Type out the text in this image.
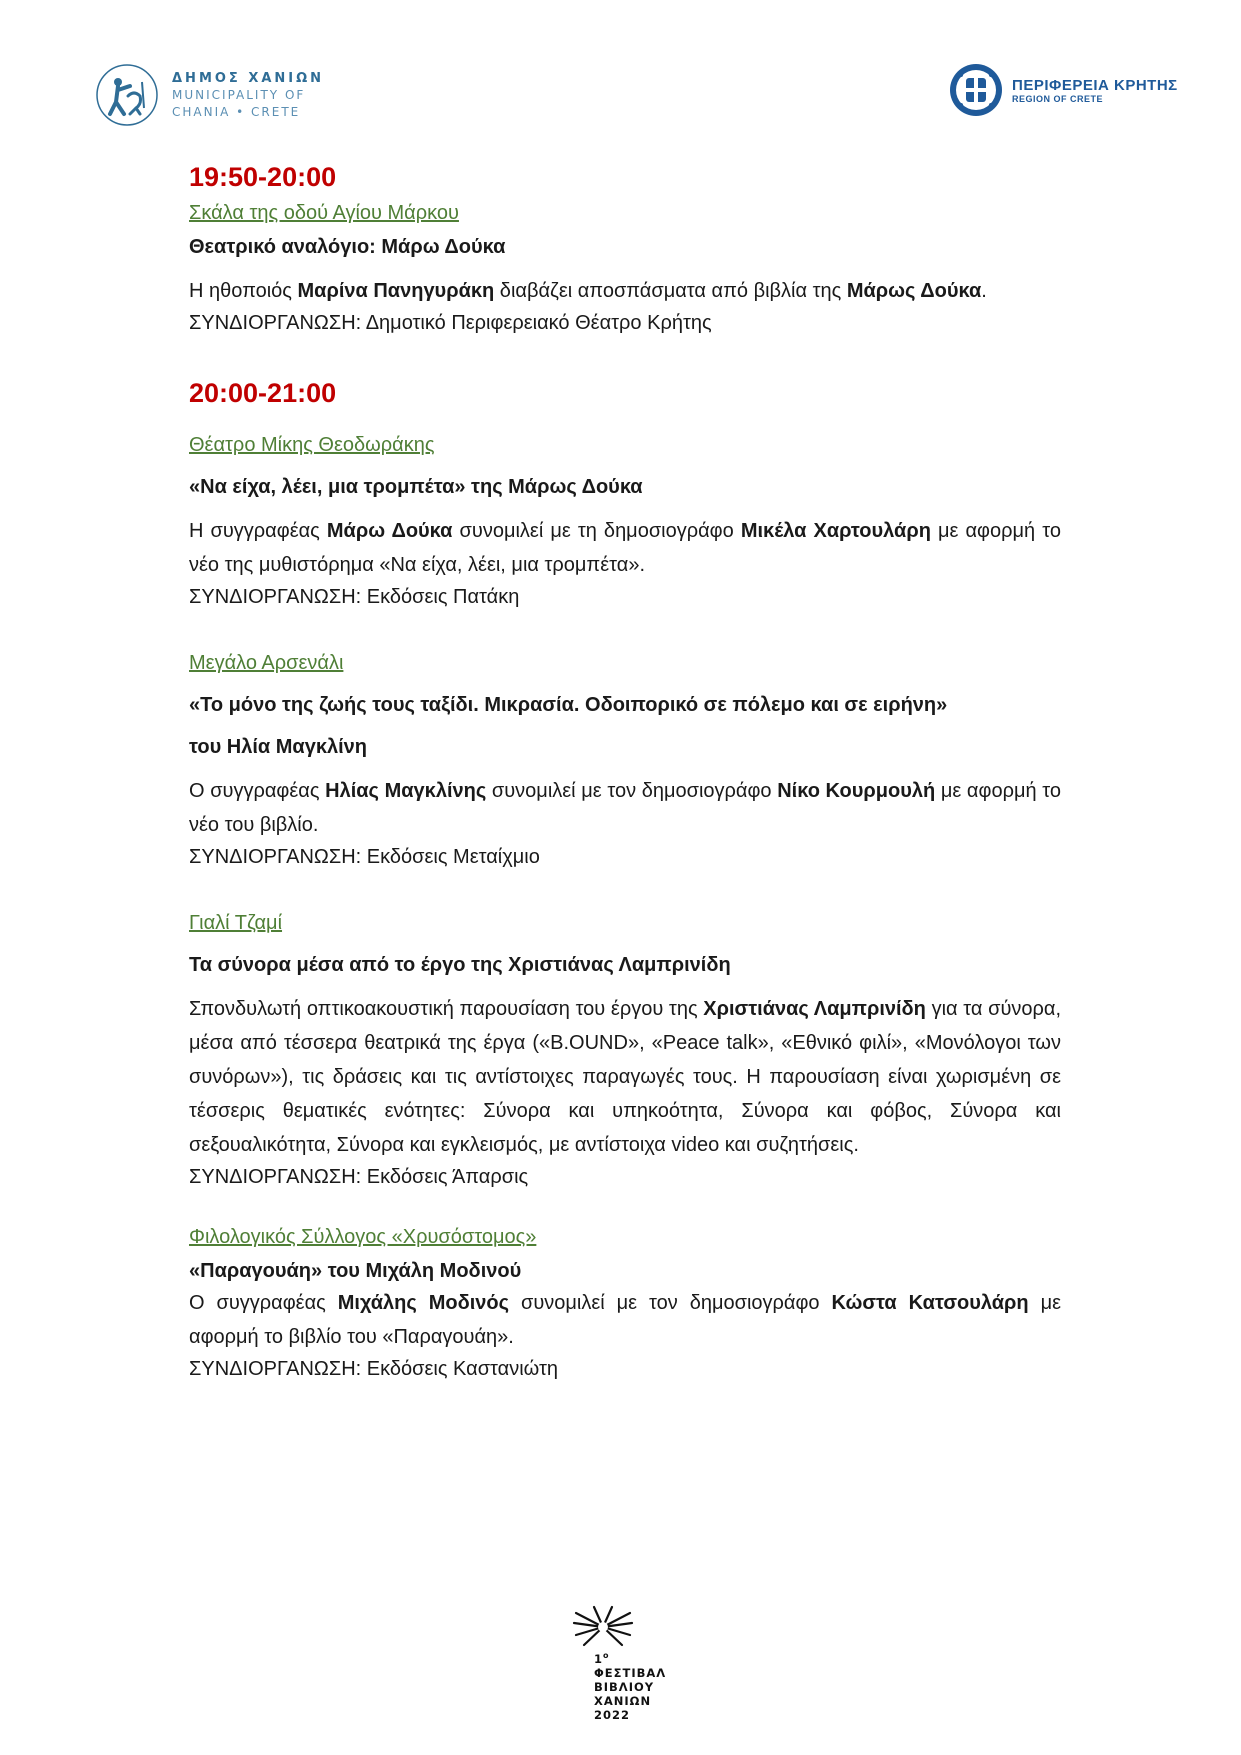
ΔΗΜΟΣ ΧΑΝΙΩΝ
MUNICIPALITY OF
CHANIA • CRETE
ΠΕΡΙΦΕΡΕΙΑ ΚΡΗΤΗΣ
REGION OF CRETE
19:50-20:00
Σκάλα της οδού Αγίου Μάρκου
Θεατρικό αναλόγιο: Μάρω Δούκα
Η ηθοποιός Μαρίνα Πανηγυράκη διαβάζει αποσπάσματα από βιβλία της Μάρως Δούκα.
ΣΥΝΔΙΟΡΓΑΝΩΣΗ: Δημοτικό Περιφερειακό Θέατρο Κρήτης
20:00-21:00
Θέατρο Μίκης Θεοδωράκης
«Να είχα, λέει, μια τρομπέτα» της Μάρως Δούκα
Η συγγραφέας Μάρω Δούκα συνομιλεί με τη δημοσιογράφο Μικέλα Χαρτουλάρη με αφορμή το νέο της μυθιστόρημα «Να είχα, λέει, μια τρομπέτα».
ΣΥΝΔΙΟΡΓΑΝΩΣΗ: Εκδόσεις Πατάκη
Μεγάλο Αρσενάλι
«Το μόνο της ζωής τους ταξίδι. Μικρασία. Οδοιπορικό σε πόλεμο και σε ειρήνη»
του Ηλία Μαγκλίνη
Ο συγγραφέας Ηλίας Μαγκλίνης συνομιλεί με τον δημοσιογράφο Νίκο Κουρμουλή με αφορμή το νέο του βιβλίο.
ΣΥΝΔΙΟΡΓΑΝΩΣΗ: Εκδόσεις Μεταίχμιο
Γιαλί Τζαμί
Τα σύνορα μέσα από το έργο της Χριστιάνας Λαμπρινίδη
Σπονδυλωτή οπτικοακουστική παρουσίαση του έργου της Χριστιάνας Λαμπρινίδη για τα σύνορα, μέσα από τέσσερα θεατρικά της έργα («B.OUND», «Peace talk», «Εθνικό φιλί», «Μονόλογοι των συνόρων»), τις δράσεις και τις αντίστοιχες παραγωγές τους. Η παρουσίαση είναι χωρισμένη σε τέσσερις θεματικές ενότητες: Σύνορα και υπηκοότητα, Σύνορα και φόβος, Σύνορα και σεξουαλικότητα, Σύνορα και εγκλεισμός, με αντίστοιχα video και συζητήσεις.
ΣΥΝΔΙΟΡΓΑΝΩΣΗ: Εκδόσεις Άπαρσις
Φιλολογικός Σύλλογος «Χρυσόστομος»
«Παραγουάη» του Μιχάλη Μοδινού
Ο συγγραφέας Μιχάλης Μοδινός συνομιλεί με τον δημοσιογράφο Κώστα Κατσουλάρη με αφορμή το βιβλίο του «Παραγουάη».
ΣΥΝΔΙΟΡΓΑΝΩΣΗ: Εκδόσεις Καστανιώτη
$1^o$
ΦΕΣΤΙΒΑΛ
ΒΙΒΛΙΟΥ
ΧΑΝΙΩΝ
2022
